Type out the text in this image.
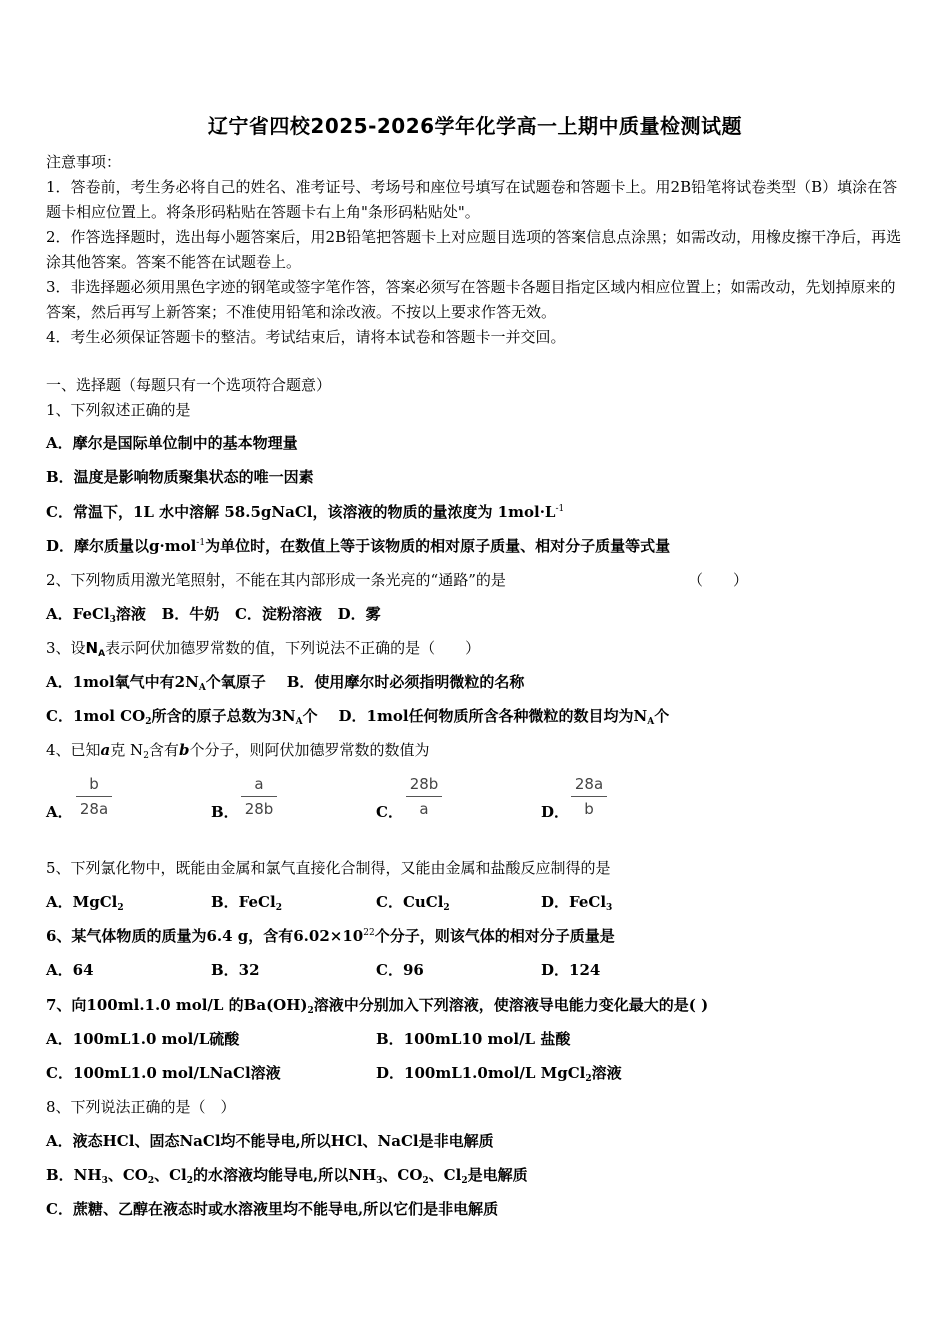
辽宁省四校2025-2026学年化学高一上期中质量检测试题
注意事项：
1．答卷前，考生务必将自己的姓名、准考证号、考场号和座位号填写在试题卷和答题卡上。用2B铅笔将试卷类型（B）填涂在答题卡相应位置上。将条形码粘贴在答题卡右上角"条形码粘贴处"。
2．作答选择题时，选出每小题答案后，用2B铅笔把答题卡上对应题目选项的答案信息点涂黑；如需改动，用橡皮擦干净后，再选涂其他答案。答案不能答在试题卷上。
3．非选择题必须用黑色字迹的钢笔或签字笔作答，答案必须写在答题卡各题目指定区域内相应位置上；如需改动，先划掉原来的答案，然后再写上新答案；不准使用铅笔和涂改液。不按以上要求作答无效。
4．考生必须保证答题卡的整洁。考试结束后，请将本试卷和答题卡一并交回。
一、选择题（每题只有一个选项符合题意）
1、下列叙述正确的是
A．摩尔是国际单位制中的基本物理量
B．温度是影响物质聚集状态的唯一因素
C．常温下，1L 水中溶解 58.5gNaCl，该溶液的物质的量浓度为 $1mol\cdot L^{-1}$
D．摩尔质量以g·mol$^{-1}$为单位时，在数值上等于该物质的相对原子质量、相对分子质量等式量
2、下列物质用激光笔照射，不能在其内部形成一条光亮的“通路”的是	（　　）
A．FeCl$_3$溶液 B．牛奶 C．淀粉溶液 D．雾
3、设$N_A$表示阿伏加德罗常数的值，下列说法不正确的是（　　）
A．1mol氧气中有$2N_A$个氧原子 B．使用摩尔时必须指明微粒的名称
C．1mol $CO_2$所含的原子总数为$3N_A$个 D．1mol任何物质所含各种微粒的数目均为$N_A$个
4、已知a克 $N_2$含有b个分子，则阿伏加德罗常数的数值为
A．
b
28a	B．
a
28b	C．
28b
a	D．
28a
b
5、下列氯化物中，既能由金属和氯气直接化合制得，又能由金属和盐酸反应制得的是
A．MgCl$_2$	B．FeCl$_2$	C．CuCl$_2$	D．FeCl$_3$
6、某气体物质的质量为6.4 g，含有$6.02\times 10^{22}$个分子，则该气体的相对分子质量是
A．64	B．32	C．96	D．124
7、向100ml.1.0 mol/L 的$Ba(OH)_2$溶液中分别加入下列溶液，使溶液导电能力变化最大的是( )
A．100mL1.0 mol/L硫酸	B．100mL10 mol/L 盐酸
C．100mL1.0 mol/LNaCl溶液	D．100mL1.0mol/L MgCl$_2$溶液
8、下列说法正确的是（　）
A．液态HCl、固态NaCl均不能导电,所以HCl、NaCl是非电解质
B．$NH_3$、$CO_2$、$Cl_2$的水溶液均能导电,所以$NH_3$、$CO_2$、$Cl_2$是电解质
C．蔗糖、乙醇在液态时或水溶液里均不能导电,所以它们是非电解质
